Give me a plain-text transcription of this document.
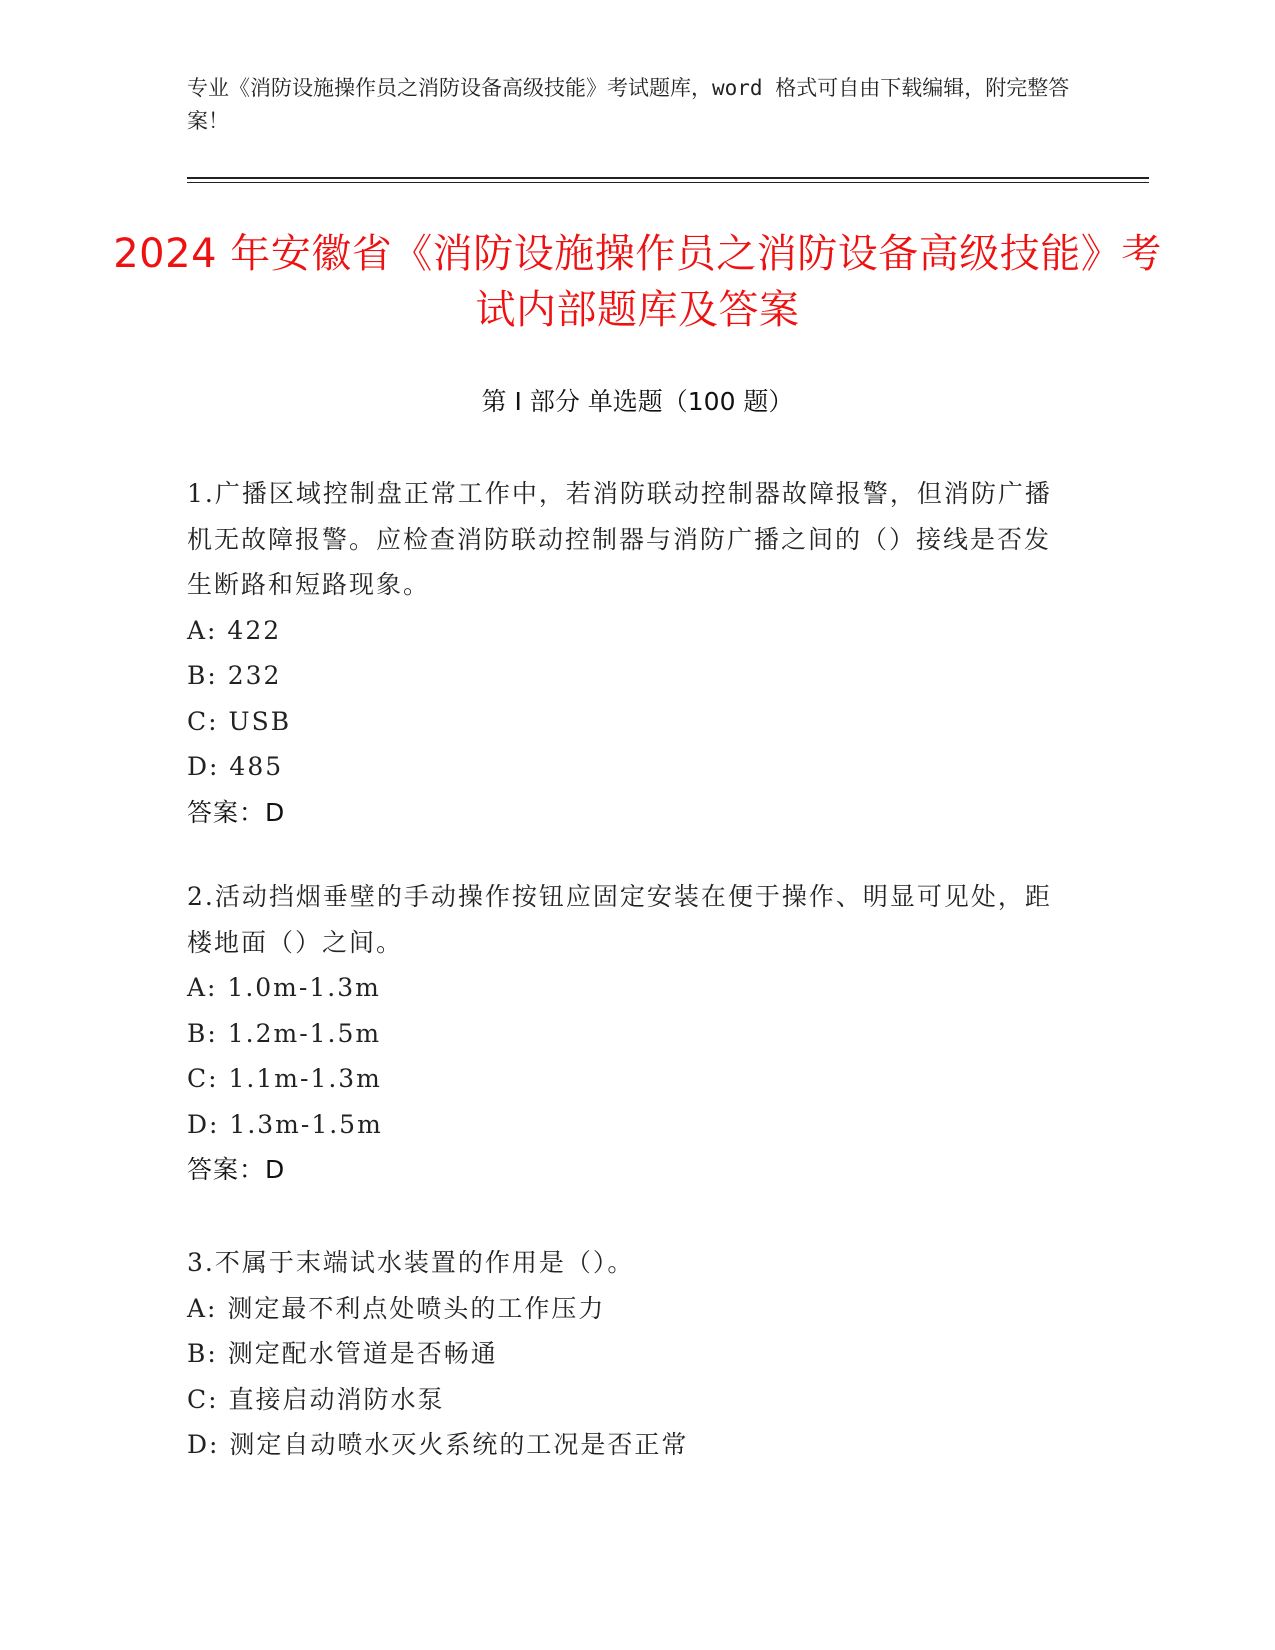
专业《消防设施操作员之消防设备高级技能》考试题库，word 格式可自由下载编辑，附完整答案！
2024 年安徽省《消防设施操作员之消防设备高级技能》考试内部题库及答案
第 I 部分 单选题（100 题）

1.广播区域控制盘正常工作中，若消防联动控制器故障报警，但消防广播机无故障报警。应检查消防联动控制器与消防广播之间的（）接线是否发生断路和短路现象。

A: 422

B: 232

C: USB

D: 485

答案：D

2.活动挡烟垂壁的手动操作按钮应固定安装在便于操作、明显可见处，距楼地面（）之间。

A: 1.0m-1.3m

B: 1.2m-1.5m

C: 1.1m-1.3m

D: 1.3m-1.5m

答案：D

3.不属于末端试水装置的作用是（）。

A: 测定最不利点处喷头的工作压力

B: 测定配水管道是否畅通

C: 直接启动消防水泵

D: 测定自动喷水灭火系统的工况是否正常
